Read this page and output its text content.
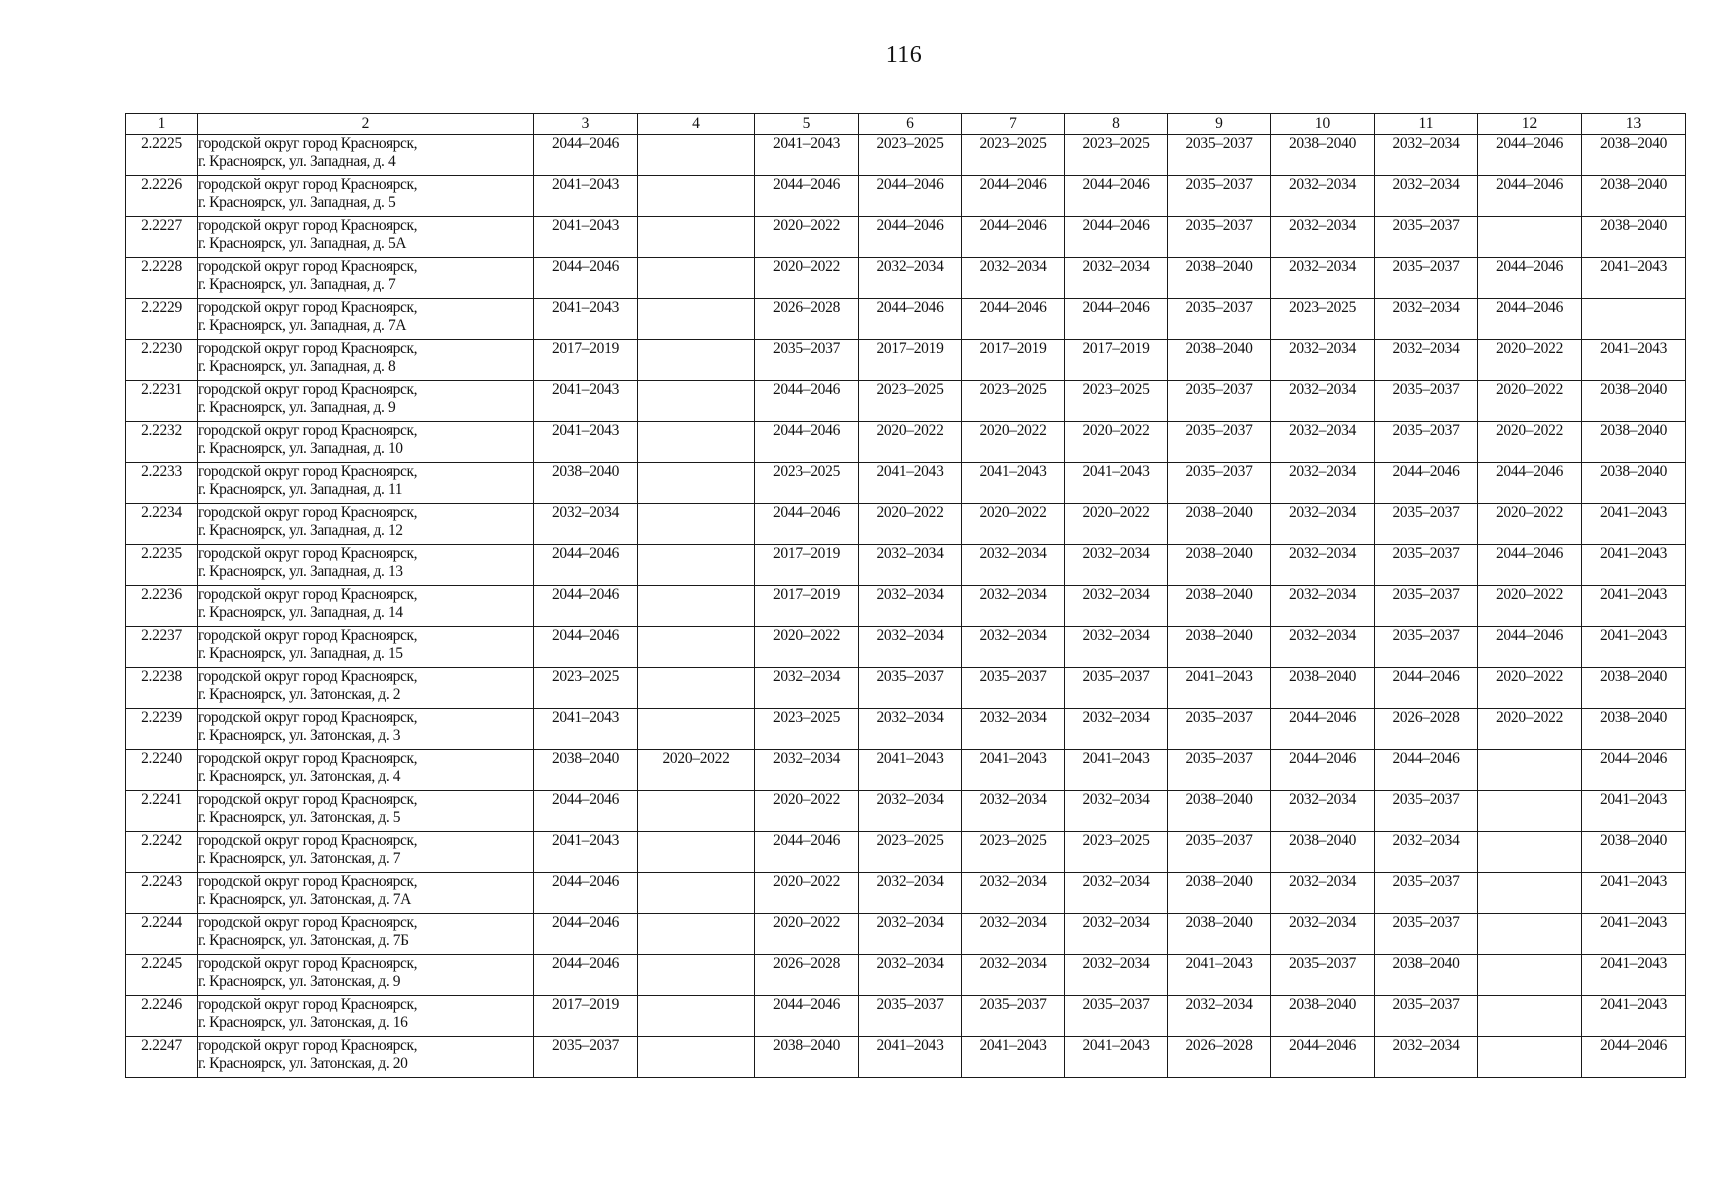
116
1	2	3	4	5	6	7	8	9	10	11	12	13
2.2225	городской округ город Красноярск,
г. Красноярск, ул. Западная, д. 4	2044–2046		2041–2043	2023–2025	2023–2025	2023–2025	2035–2037	2038–2040	2032–2034	2044–2046	2038–2040
2.2226	городской округ город Красноярск,
г. Красноярск, ул. Западная, д. 5	2041–2043		2044–2046	2044–2046	2044–2046	2044–2046	2035–2037	2032–2034	2032–2034	2044–2046	2038–2040
2.2227	городской округ город Красноярск,
г. Красноярск, ул. Западная, д. 5А	2041–2043		2020–2022	2044–2046	2044–2046	2044–2046	2035–2037	2032–2034	2035–2037		2038–2040
2.2228	городской округ город Красноярск,
г. Красноярск, ул. Западная, д. 7	2044–2046		2020–2022	2032–2034	2032–2034	2032–2034	2038–2040	2032–2034	2035–2037	2044–2046	2041–2043
2.2229	городской округ город Красноярск,
г. Красноярск, ул. Западная, д. 7А	2041–2043		2026–2028	2044–2046	2044–2046	2044–2046	2035–2037	2023–2025	2032–2034	2044–2046	
2.2230	городской округ город Красноярск,
г. Красноярск, ул. Западная, д. 8	2017–2019		2035–2037	2017–2019	2017–2019	2017–2019	2038–2040	2032–2034	2032–2034	2020–2022	2041–2043
2.2231	городской округ город Красноярск,
г. Красноярск, ул. Западная, д. 9	2041–2043		2044–2046	2023–2025	2023–2025	2023–2025	2035–2037	2032–2034	2035–2037	2020–2022	2038–2040
2.2232	городской округ город Красноярск,
г. Красноярск, ул. Западная, д. 10	2041–2043		2044–2046	2020–2022	2020–2022	2020–2022	2035–2037	2032–2034	2035–2037	2020–2022	2038–2040
2.2233	городской округ город Красноярск,
г. Красноярск, ул. Западная, д. 11	2038–2040		2023–2025	2041–2043	2041–2043	2041–2043	2035–2037	2032–2034	2044–2046	2044–2046	2038–2040
2.2234	городской округ город Красноярск,
г. Красноярск, ул. Западная, д. 12	2032–2034		2044–2046	2020–2022	2020–2022	2020–2022	2038–2040	2032–2034	2035–2037	2020–2022	2041–2043
2.2235	городской округ город Красноярск,
г. Красноярск, ул. Западная, д. 13	2044–2046		2017–2019	2032–2034	2032–2034	2032–2034	2038–2040	2032–2034	2035–2037	2044–2046	2041–2043
2.2236	городской округ город Красноярск,
г. Красноярск, ул. Западная, д. 14	2044–2046		2017–2019	2032–2034	2032–2034	2032–2034	2038–2040	2032–2034	2035–2037	2020–2022	2041–2043
2.2237	городской округ город Красноярск,
г. Красноярск, ул. Западная, д. 15	2044–2046		2020–2022	2032–2034	2032–2034	2032–2034	2038–2040	2032–2034	2035–2037	2044–2046	2041–2043
2.2238	городской округ город Красноярск,
г. Красноярск, ул. Затонская, д. 2	2023–2025		2032–2034	2035–2037	2035–2037	2035–2037	2041–2043	2038–2040	2044–2046	2020–2022	2038–2040
2.2239	городской округ город Красноярск,
г. Красноярск, ул. Затонская, д. 3	2041–2043		2023–2025	2032–2034	2032–2034	2032–2034	2035–2037	2044–2046	2026–2028	2020–2022	2038–2040
2.2240	городской округ город Красноярск,
г. Красноярск, ул. Затонская, д. 4	2038–2040	2020–2022	2032–2034	2041–2043	2041–2043	2041–2043	2035–2037	2044–2046	2044–2046		2044–2046
2.2241	городской округ город Красноярск,
г. Красноярск, ул. Затонская, д. 5	2044–2046		2020–2022	2032–2034	2032–2034	2032–2034	2038–2040	2032–2034	2035–2037		2041–2043
2.2242	городской округ город Красноярск,
г. Красноярск, ул. Затонская, д. 7	2041–2043		2044–2046	2023–2025	2023–2025	2023–2025	2035–2037	2038–2040	2032–2034		2038–2040
2.2243	городской округ город Красноярск,
г. Красноярск, ул. Затонская, д. 7А	2044–2046		2020–2022	2032–2034	2032–2034	2032–2034	2038–2040	2032–2034	2035–2037		2041–2043
2.2244	городской округ город Красноярск,
г. Красноярск, ул. Затонская, д. 7Б	2044–2046		2020–2022	2032–2034	2032–2034	2032–2034	2038–2040	2032–2034	2035–2037		2041–2043
2.2245	городской округ город Красноярск,
г. Красноярск, ул. Затонская, д. 9	2044–2046		2026–2028	2032–2034	2032–2034	2032–2034	2041–2043	2035–2037	2038–2040		2041–2043
2.2246	городской округ город Красноярск,
г. Красноярск, ул. Затонская, д. 16	2017–2019		2044–2046	2035–2037	2035–2037	2035–2037	2032–2034	2038–2040	2035–2037		2041–2043
2.2247	городской округ город Красноярск,
г. Красноярск, ул. Затонская, д. 20	2035–2037		2038–2040	2041–2043	2041–2043	2041–2043	2026–2028	2044–2046	2032–2034		2044–2046
